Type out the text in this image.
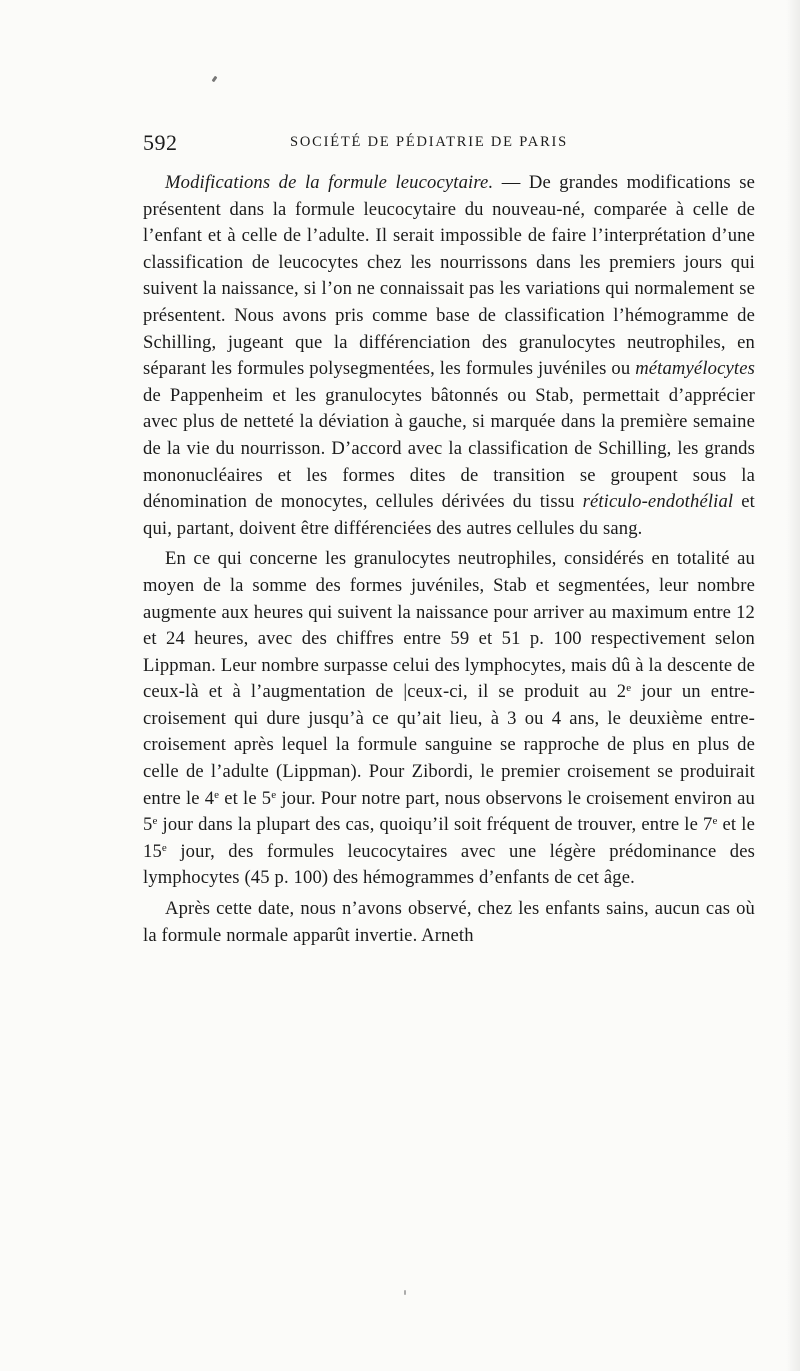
592	SOCIÉTÉ DE PÉDIATRIE DE PARIS

Modifications de la formule leucocytaire. — De grandes modifications se présentent dans la formule leucocytaire du nouveau-né, comparée à celle de l’enfant et à celle de l’adulte. Il serait impossible de faire l’interprétation d’une classification de leucocytes chez les nourrissons dans les premiers jours qui suivent la naissance, si l’on ne connaissait pas les variations qui normalement se présentent. Nous avons pris comme base de classification l’hémogramme de Schilling, jugeant que la différenciation des granulocytes neutrophiles, en séparant les formules polysegmentées, les formules juvéniles ou métamyélocytes de Pappenheim et les granulocytes bâtonnés ou Stab, permettait d’apprécier avec plus de netteté la déviation à gauche, si marquée dans la première semaine de la vie du nourrisson. D’accord avec la classification de Schilling, les grands mononucléaires et les formes dites de transition se groupent sous la dénomination de monocytes, cellules dérivées du tissu réticulo-endothélial et qui, partant, doivent être différenciées des autres cellules du sang.

En ce qui concerne les granulocytes neutrophiles, considérés en totalité au moyen de la somme des formes juvéniles, Stab et segmentées, leur nombre augmente aux heures qui suivent la naissance pour arriver au maximum entre 12 et 24 heures, avec des chiffres entre 59 et 51 p. 100 respectivement selon Lippman. Leur nombre surpasse celui des lymphocytes, mais dû à la descente de ceux-là et à l’augmentation de |ceux-ci, il se produit au 2e jour un entre-croisement qui dure jusqu’à ce qu’ait lieu, à 3 ou 4 ans, le deuxième entre-croisement après lequel la formule sanguine se rapproche de plus en plus de celle de l’adulte (Lippman). Pour Zibordi, le premier croisement se produirait entre le 4e et le 5e jour. Pour notre part, nous observons le croisement environ au 5e jour dans la plupart des cas, quoiqu’il soit fréquent de trouver, entre le 7e et le 15e jour, des formules leucocytaires avec une légère prédominance des lymphocytes (45 p. 100) des hémogrammes d’enfants de cet âge.

Après cette date, nous n’avons observé, chez les enfants sains, aucun cas où la formule normale apparût invertie. Arneth
